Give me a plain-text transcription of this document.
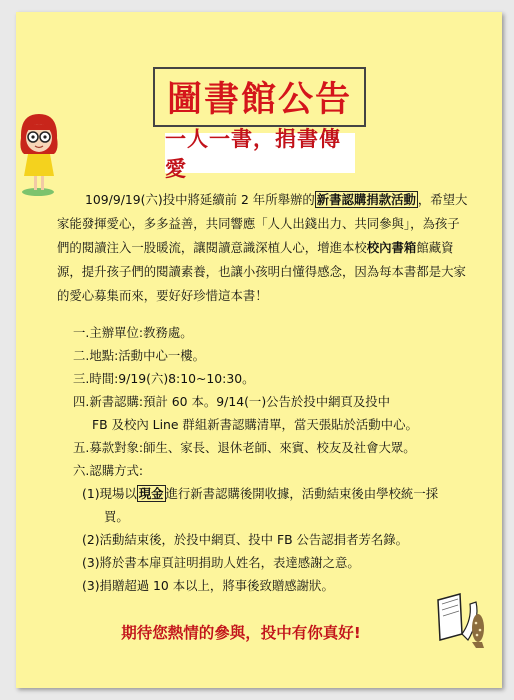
圖書館公告
一人一書，捐書傳愛
109/9/19(六)投中將延續前 2 年所舉辦的 新書認購捐款活動 ，希望大家能發揮愛心，多多益善，共同響應「人人出錢出力、共同參與」，為孩子們的閱讀注入一股暖流，讓閱讀意識深植人心，增進本校校內書箱館藏資源，提升孩子們的閱讀素養，也讓小孩明白懂得感念，因為每本書都是大家的愛心募集而來，要好好珍惜這本書！
一.主辦單位:教務處。
二.地點:活動中心一樓。
三.時間:9/19(六)8:10~10:30。
四.新書認購:預計 60 本。9/14(一)公告於投中網頁及投中
FB 及校內 Line 群組新書認購清單，當天張貼於活動中心。
五.募款對象:師生、家長、退休老師、來賓、校友及社會大眾。
六.認購方式:
(1)現場以 現金 進行新書認購後開收據，活動結束後由學校統一採
買。
(2)活動結束後，於投中網頁、投中 FB 公告認捐者芳名錄。
(3)將於書本扉頁註明捐助人姓名，表達感謝之意。
(3)捐贈超過 10 本以上，將事後致贈感謝狀。
期待您熱情的參與，投中有你真好!
